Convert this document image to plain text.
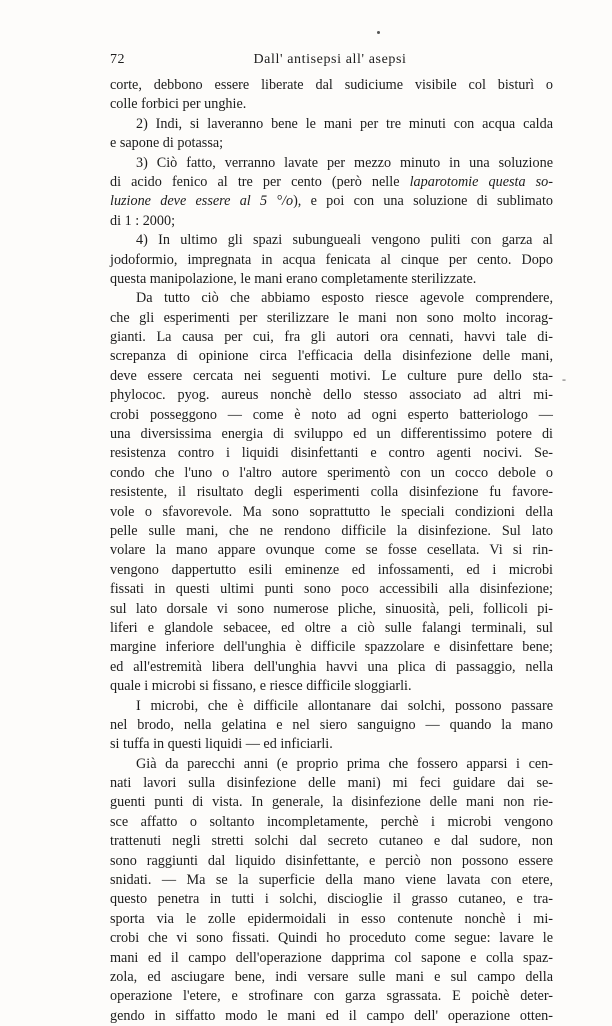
72	Dall' antisepsi all' asepsi
corte, debbono essere liberate dal sudiciume visibile col bisturì o
colle forbici per unghie.
2) Indi, si laveranno bene le mani per tre minuti con acqua calda
e sapone di potassa;
3) Ciò fatto, verranno lavate per mezzo minuto in una soluzione
di acido fenico al tre per cento (però nelle laparotomie questa so-
luzione deve essere al 5 °/o), e poi con una soluzione di sublimato
di 1 : 2000;
4) In ultimo gli spazi subungueali vengono puliti con garza al
jodoformio, impregnata in acqua fenicata al cinque per cento. Dopo
questa manipolazione, le mani erano completamente sterilizzate.
Da tutto ciò che abbiamo esposto riesce agevole comprendere,
che gli esperimenti per sterilizzare le mani non sono molto incorag-
gianti. La causa per cui, fra gli autori ora cennati, havvi tale di-
screpanza di opinione circa l'efficacia della disinfezione delle mani,
deve essere cercata nei seguenti motivi. Le culture pure dello sta-
phylococ. pyog. aureus nonchè dello stesso associato ad altri mi-
crobi posseggono — come è noto ad ogni esperto batteriologo —
una diversissima energia di sviluppo ed un differentissimo potere di
resistenza contro i liquidi disinfettanti e contro agenti nocivi. Se-
condo che l'uno o l'altro autore sperimentò con un cocco debole o
resistente, il risultato degli esperimenti colla disinfezione fu favore-
vole o sfavorevole. Ma sono soprattutto le speciali condizioni della
pelle sulle mani, che ne rendono difficile la disinfezione. Sul lato
volare la mano appare ovunque come se fosse cesellata. Vi si rin-
vengono dappertutto esili eminenze ed infossamenti, ed i microbi
fissati in questi ultimi punti sono poco accessibili alla disinfezione;
sul lato dorsale vi sono numerose pliche, sinuosità, peli, follicoli pi-
liferi e glandole sebacee, ed oltre a ciò sulle falangi terminali, sul
margine inferiore dell'unghia è difficile spazzolare e disinfettare bene;
ed all'estremità libera dell'unghia havvi una plica di passaggio, nella
quale i microbi si fissano, e riesce difficile sloggiarli.
I microbi, che è difficile allontanare dai solchi, possono passare
nel brodo, nella gelatina e nel siero sanguigno — quando la mano
si tuffa in questi liquidi — ed inficiarli.
Già da parecchi anni (e proprio prima che fossero apparsi i cen-
nati lavori sulla disinfezione delle mani) mi feci guidare dai se-
guenti punti di vista. In generale, la disinfezione delle mani non rie-
sce affatto o soltanto incompletamente, perchè i microbi vengono
trattenuti negli stretti solchi dal secreto cutaneo e dal sudore, non
sono raggiunti dal liquido disinfettante, e perciò non possono essere
snidati. — Ma se la superficie della mano viene lavata con etere,
questo penetra in tutti i solchi, discioglie il grasso cutaneo, e tra-
sporta via le zolle epidermoidali in esso contenute nonchè i mi-
crobi che vi sono fissati. Quindi ho proceduto come segue: lavare le
mani ed il campo dell'operazione dapprima col sapone e colla spaz-
zola, ed asciugare bene, indi versare sulle mani e sul campo della
operazione l'etere, e strofinare con garza sgrassata. E poichè deter-
gendo in siffatto modo le mani ed il campo dell' operazione otten-
-
